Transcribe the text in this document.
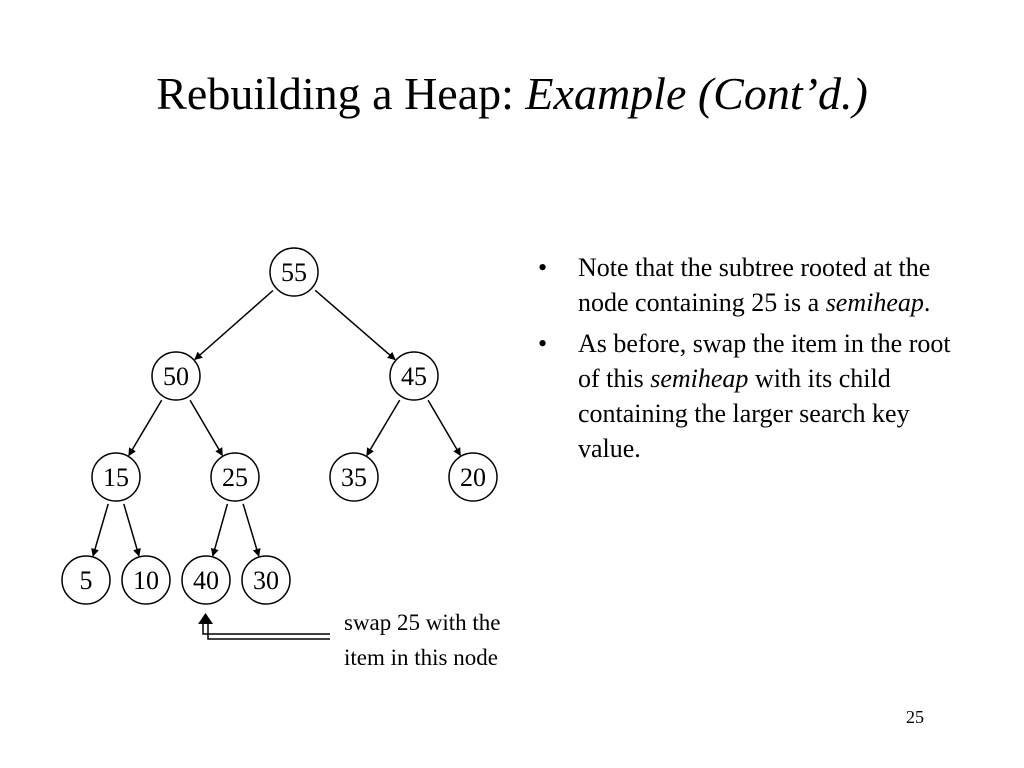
Rebuilding a Heap: Example (Cont’d.)
55
50	45
15	25	35	20
5 10 40 30
swap 25 with the
item in this node
• Note that the subtree rooted at the node containing 25 is a semiheap.
• As before, swap the item in the root of this semiheap with its child containing the larger search key value.
25
